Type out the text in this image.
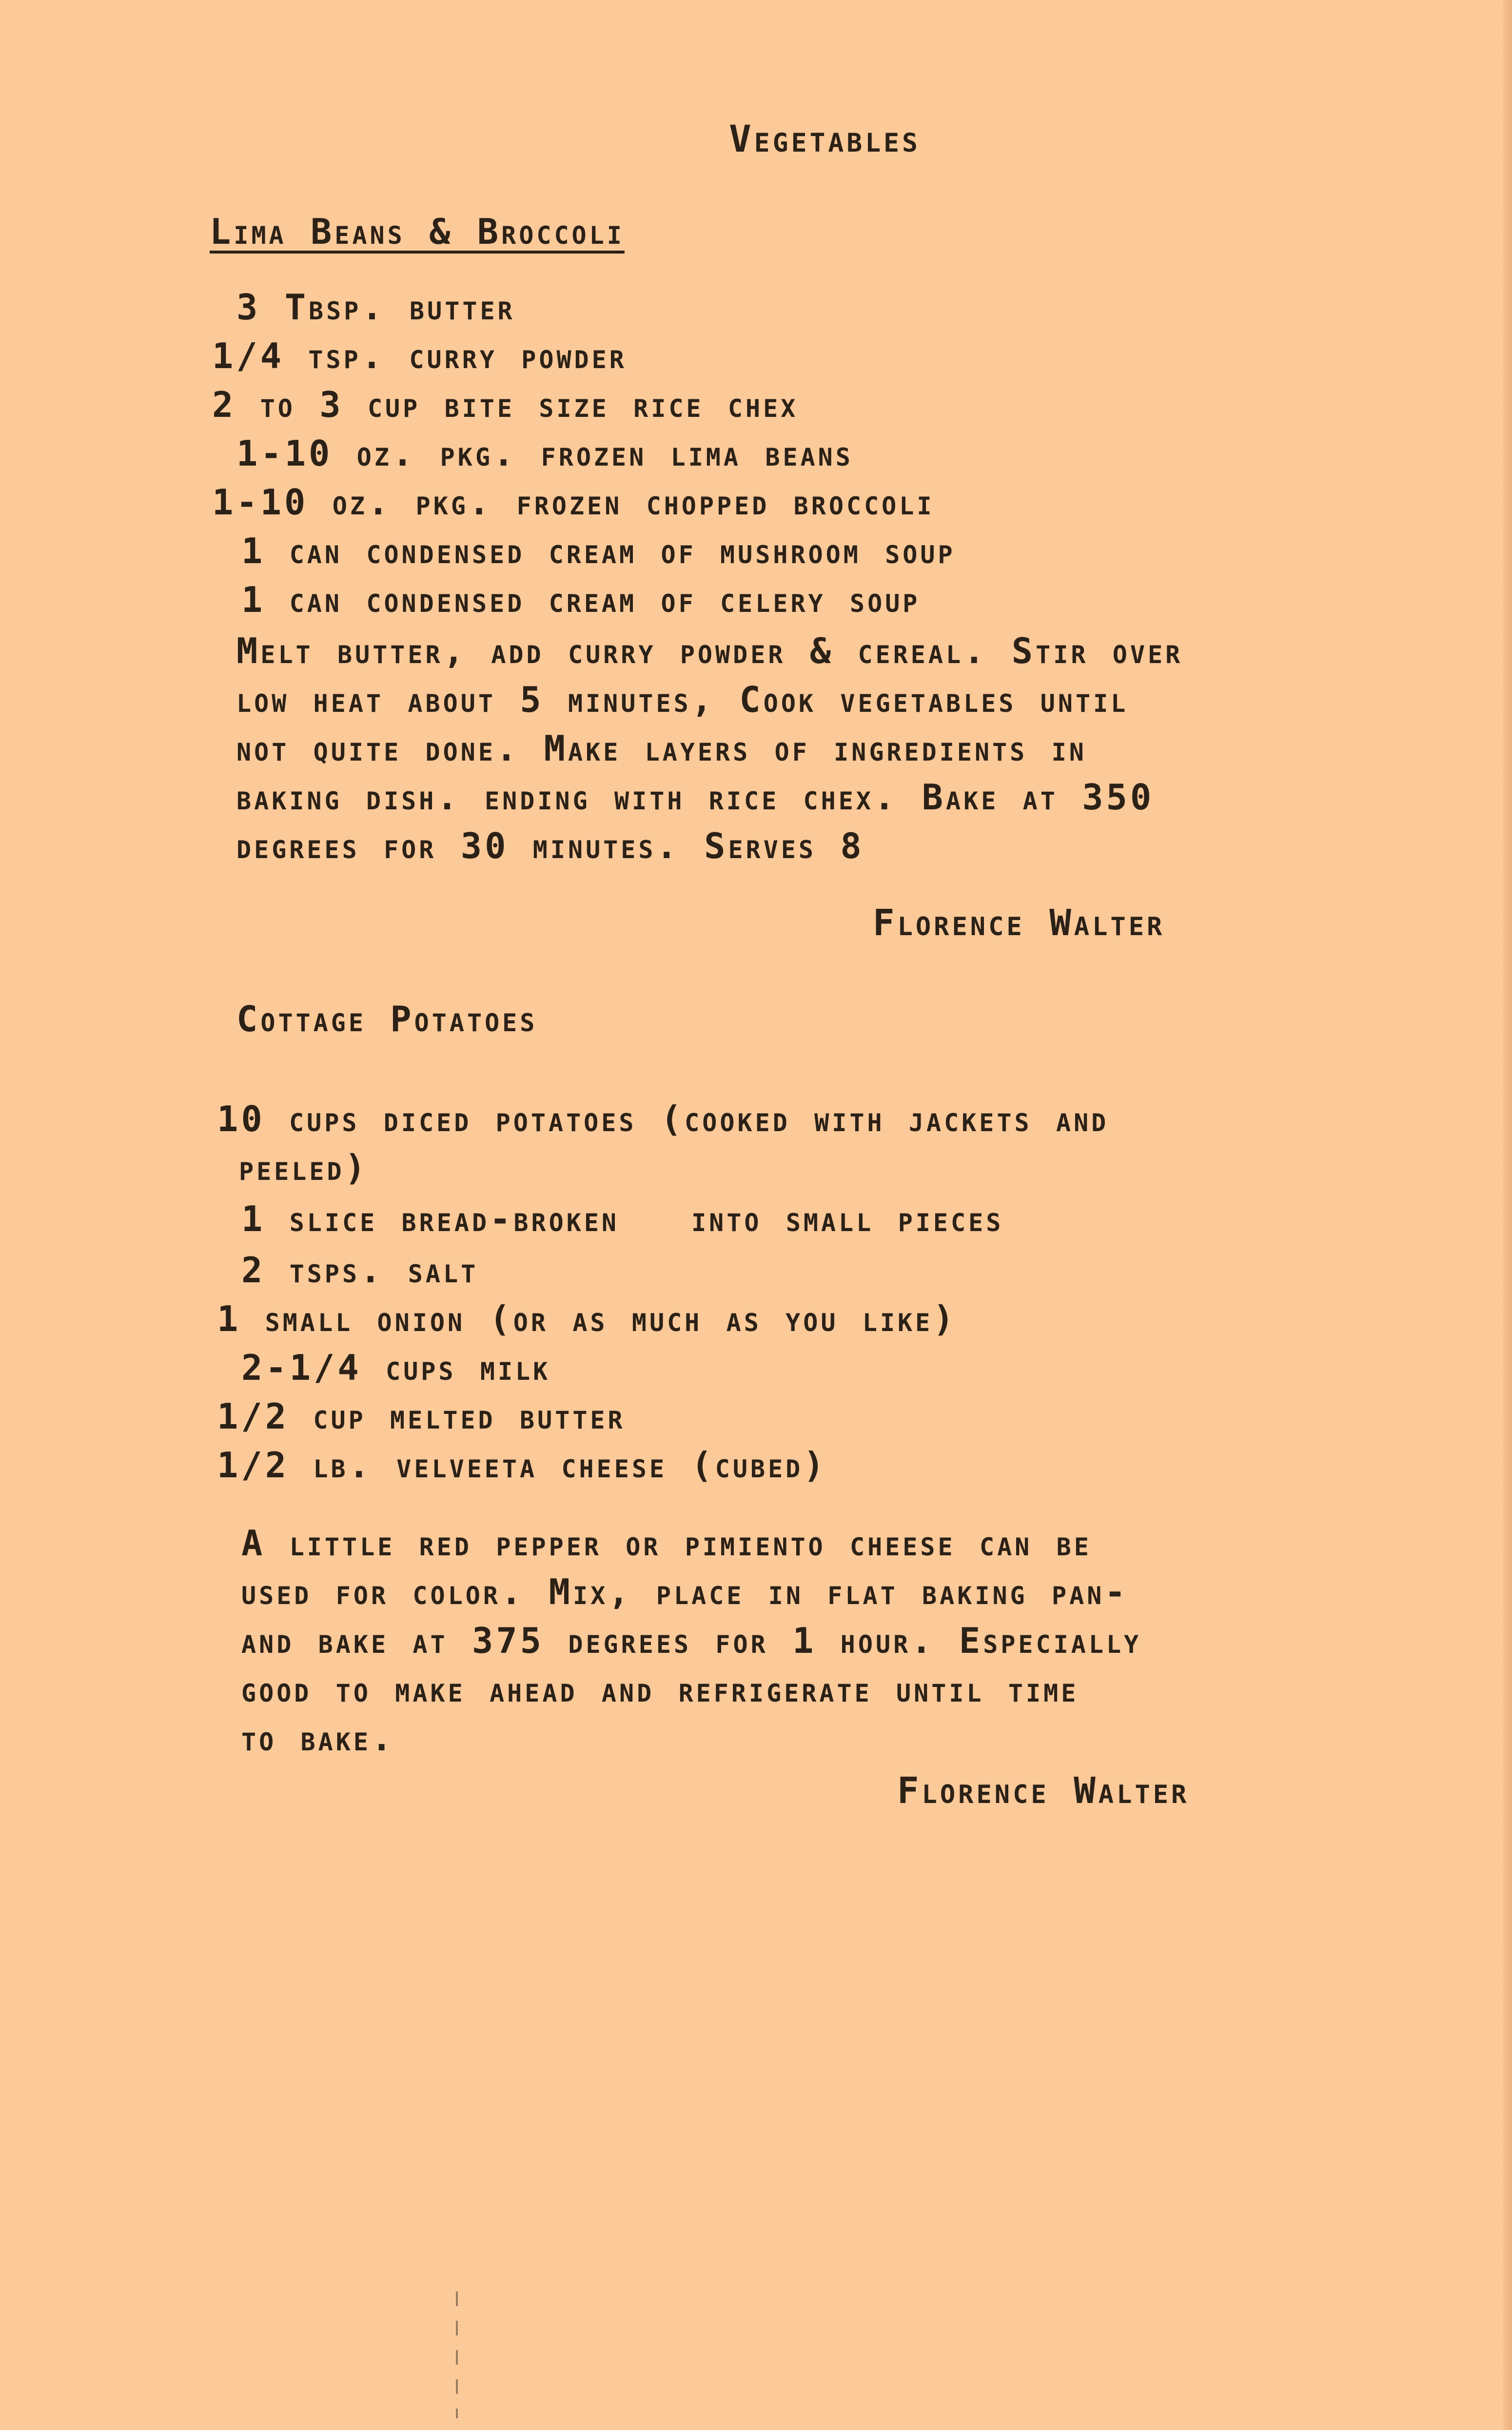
Vegetables
Lima Beans & Broccoli
3 Tbsp. butter
1/4 tsp. curry powder
2 to 3 cup bite size rice chex
1-10 oz. pkg. frozen lima beans
1-10 oz. pkg. frozen chopped broccoli
1 can condensed cream of mushroom soup
1 can condensed cream of celery soup
Melt butter, add curry powder & cereal. Stir over
low heat about 5 minutes, Cook vegetables until
not quite done. Make layers of ingredients in
baking dish. ending with rice chex. Bake at 350
degrees for 30 minutes. Serves 8
Florence Walter
Cottage Potatoes
10 cups diced potatoes (cooked with jackets and
peeled)
1 slice bread-broken   into small pieces
2 tsps. salt
1 small onion (or as much as you like)
2-1/4 cups milk
1/2 cup melted butter
1/2 lb. velveeta cheese (cubed)
A little red pepper or pimiento cheese can be
used for color. Mix, place in flat baking pan-
and bake at 375 degrees for 1 hour. Especially
good to make ahead and refrigerate until time
to bake.
Florence Walter
